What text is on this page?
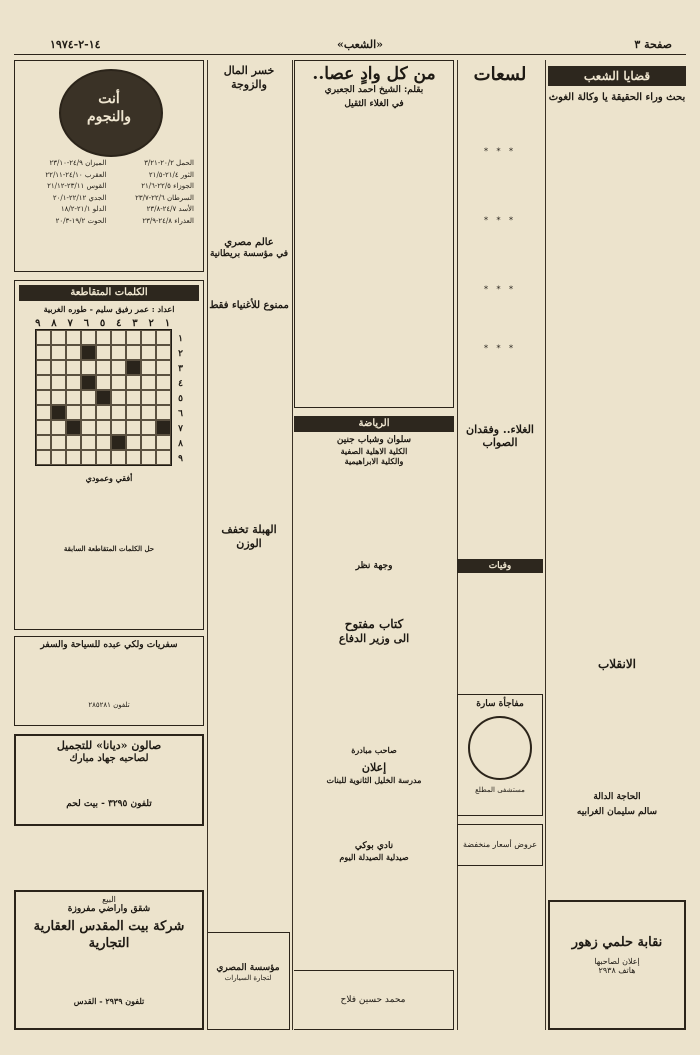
صفحة ٣
«الشعب»
١٤-٢-١٩٧٤
قضايا الشعب
بحث وراء الحقيقة يا وكالة الغوث
الانقلاب
الحاجة الدالة
سالم سليمان الغرابيه
نقابة حلمي زهور
إعلان لصاحبها
هاتف ٢٩٣٨
لسعات
* * *
* * *
* * *
* * *
الغلاء.. وفقدان الصواب
وفيات
مفاجأة سارة
مستشفى المطلع
عروض أسعار منخفضة
من كل وادٍ عصا..
بقلم: الشيخ احمد الجعبري
في الغلاء الثقيل
الرياضة
سلوان وشباب جنين
الكلية الاهلية الصفية
والكلية الابراهيمية
وجهة نظر
كتاب مفتوح
الى وزير الدفاع
صاحب مبادرة
إعلان
مدرسة الخليل الثانوية للبنات
نادي بوكي
صيدلية الصيدلة اليوم
محمد حسين فلاح
خسر المال والزوجة
عالم مصري
في مؤسسة بريطانية
ممنوع للأغنياء فقط
الهبلة تخفف الوزن
مؤسسة المصري
لتجارة السيارات
أنت والنجوم
الحمل ٢٠/٢-٣/٢١	الميزان ٢٤/٩-٢٣/١٠
الثور ٢١/٤-٢١/٥	العقرب ٢٤/١٠-٢٢/١١
الجوزاء ٢٢/٥-٢١/٦	القوس ٢٣/١١-٢١/١٢
السرطان ٢٢/٦-٢٣/٧	الجدي ٢٢/١٢-٢٠/١
الأسد ٢٤/٧-٢٣/٨	الدلو ٢١/١-١٨/٢
العذراء ٢٤/٨-٢٣/٩	الحوت ١٩/٢-٢٠/٣
الكلمات المتقاطعة
اعداد : عمر رفيق سليم - طوره الغربية
١
٢
٣
٤
٥
٦
٧
٨
٩
١
٢
٣
٤
٥
٦
٧
٨
٩
أفقي وعمودي
حل الكلمات المتقاطعة السابقة
سفريات ولكي عبده للسياحة والسفر
تلفون ٢٨٥٢٨١
صالون «ديانا» للتجميل
لصاحبه جهاد مبارك
تلفون ٣٢٩٥ - بيت لحم
البيع
شقق واراضي مفروزة
شركة بيت المقدس العقارية التجارية
تلفون ٢٩٣٩ - القدس
